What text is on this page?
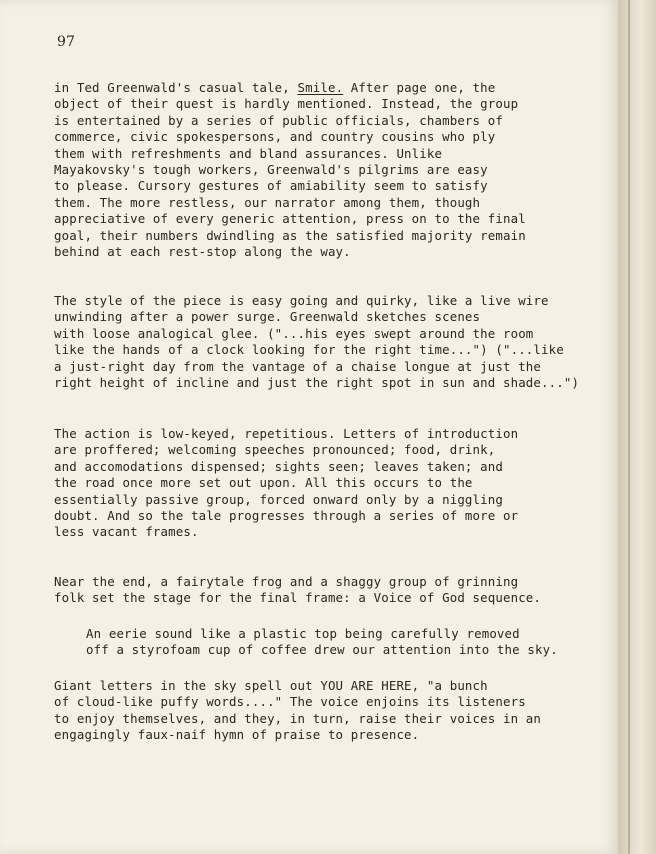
97
in Ted Greenwald's casual tale, Smile. After page one, the
object of their quest is hardly mentioned. Instead, the group
is entertained by a series of public officials, chambers of
commerce, civic spokespersons, and country cousins who ply
them with refreshments and bland assurances. Unlike
Mayakovsky's tough workers, Greenwald's pilgrims are easy
to please. Cursory gestures of amiability seem to satisfy
them. The more restless, our narrator among them, though
appreciative of every generic attention, press on to the final
goal, their numbers dwindling as the satisfied majority remain
behind at each rest-stop along the way.
The style of the piece is easy going and quirky, like a live wire
unwinding after a power surge. Greenwald sketches scenes
with loose analogical glee. ("...his eyes swept around the room
like the hands of a clock looking for the right time...") ("...like
a just-right day from the vantage of a chaise longue at just the
right height of incline and just the right spot in sun and shade...")
The action is low-keyed, repetitious. Letters of introduction
are proffered; welcoming speeches pronounced; food, drink,
and accomodations dispensed; sights seen; leaves taken; and
the road once more set out upon. All this occurs to the
essentially passive group, forced onward only by a niggling
doubt. And so the tale progresses through a series of more or
less vacant frames.
Near the end, a fairytale frog and a shaggy group of grinning
folk set the stage for the final frame: a Voice of God sequence.
An eerie sound like a plastic top being carefully removed
off a styrofoam cup of coffee drew our attention into the sky.
Giant letters in the sky spell out YOU ARE HERE, "a bunch
of cloud-like puffy words...." The voice enjoins its listeners
to enjoy themselves, and they, in turn, raise their voices in an
engagingly faux-naif hymn of praise to presence.
